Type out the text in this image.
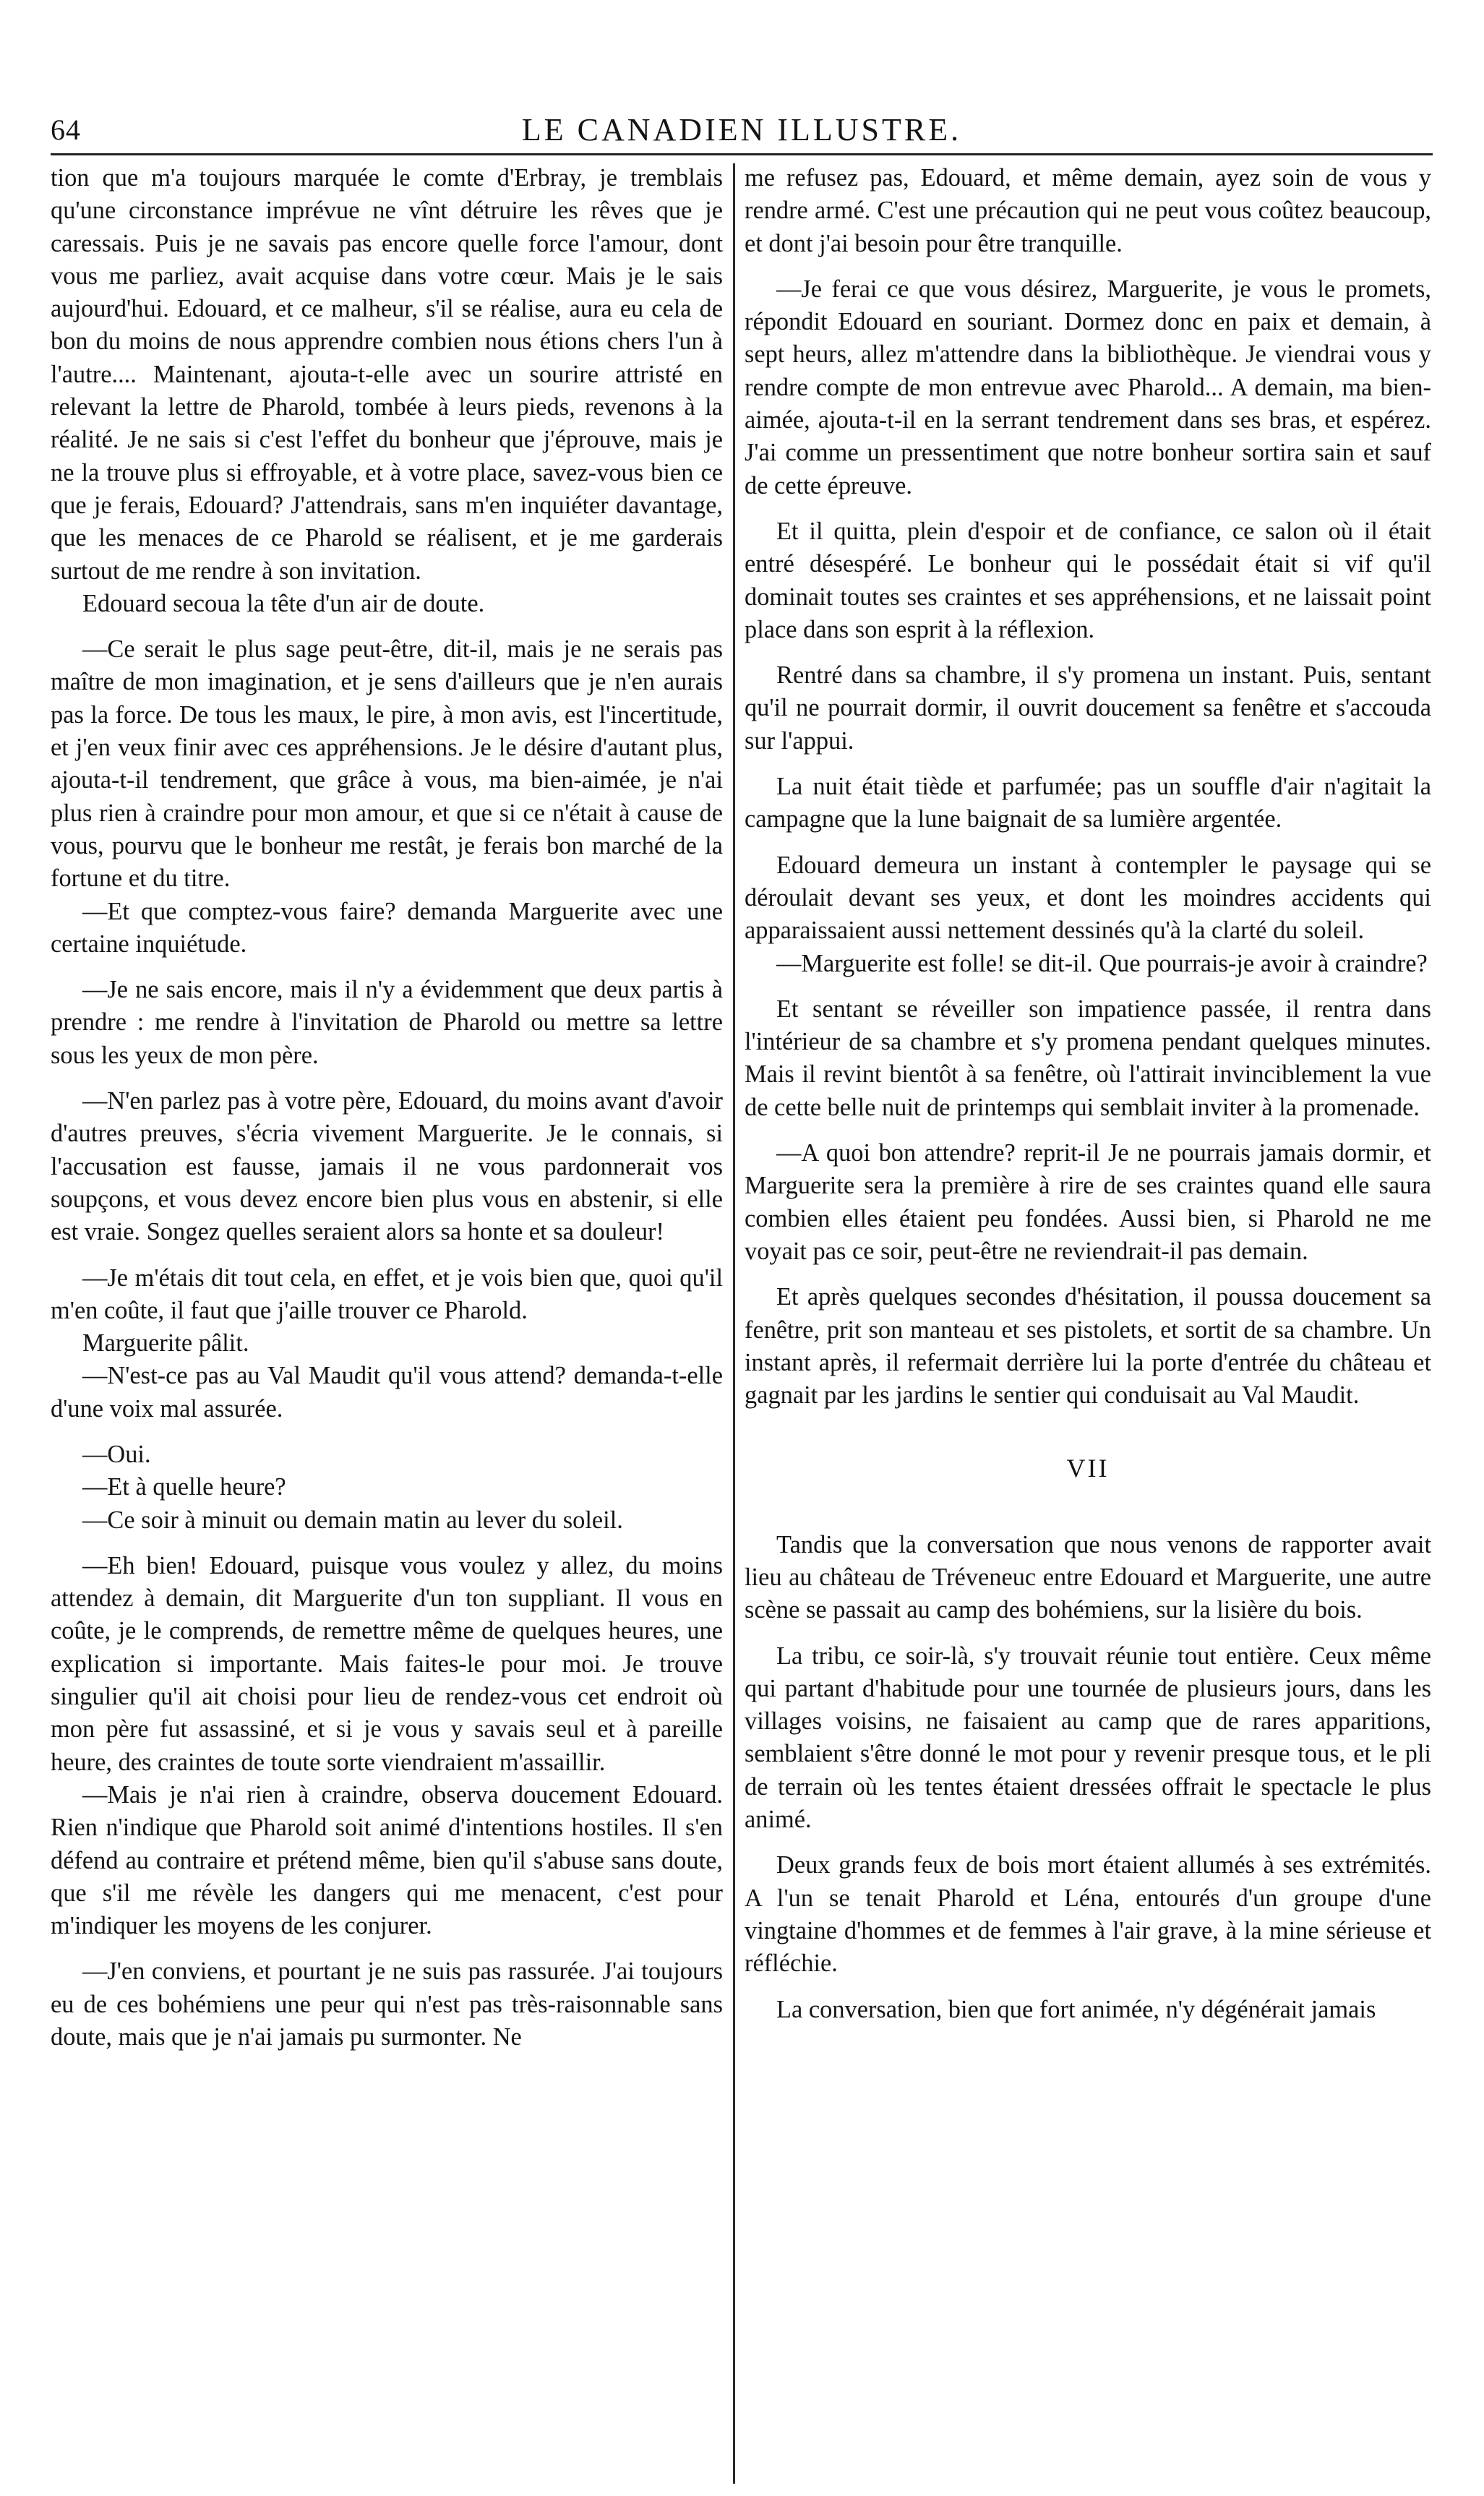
64	LE CANADIEN ILLUSTRE.

tion que m'a toujours marquée le comte d'Erbray, je tremblais qu'une circonstance imprévue ne vînt détruire les rêves que je caressais. Puis je ne savais pas encore quelle force l'amour, dont vous me parliez, avait acquise dans votre cœur. Mais je le sais aujourd'hui. Edouard, et ce malheur, s'il se réalise, aura eu cela de bon du moins de nous apprendre combien nous étions chers l'un à l'autre.... Maintenant, ajouta-t-elle avec un sourire attristé en relevant la lettre de Pharold, tombée à leurs pieds, revenons à la réalité. Je ne sais si c'est l'effet du bonheur que j'éprouve, mais je ne la trouve plus si effroyable, et à votre place, savez-vous bien ce que je ferais, Edouard? J'attendrais, sans m'en inquiéter davantage, que les menaces de ce Pharold se réalisent, et je me garderais surtout de me rendre à son invitation.

Edouard secoua la tête d'un air de doute.

—Ce serait le plus sage peut-être, dit-il, mais je ne serais pas maître de mon imagination, et je sens d'ailleurs que je n'en aurais pas la force. De tous les maux, le pire, à mon avis, est l'incertitude, et j'en veux finir avec ces appréhensions. Je le désire d'autant plus, ajouta-t-il tendrement, que grâce à vous, ma bien-aimée, je n'ai plus rien à craindre pour mon amour, et que si ce n'était à cause de vous, pourvu que le bonheur me restât, je ferais bon marché de la fortune et du titre.

—Et que comptez-vous faire? demanda Marguerite avec une certaine inquiétude.

—Je ne sais encore, mais il n'y a évidemment que deux partis à prendre : me rendre à l'invitation de Pharold ou mettre sa lettre sous les yeux de mon père.

—N'en parlez pas à votre père, Edouard, du moins avant d'avoir d'autres preuves, s'écria vivement Marguerite. Je le connais, si l'accusation est fausse, jamais il ne vous pardonnerait vos soupçons, et vous devez encore bien plus vous en abstenir, si elle est vraie. Songez quelles seraient alors sa honte et sa douleur!

—Je m'étais dit tout cela, en effet, et je vois bien que, quoi qu'il m'en coûte, il faut que j'aille trouver ce Pharold.

Marguerite pâlit.

—N'est-ce pas au Val Maudit qu'il vous attend? demanda-t-elle d'une voix mal assurée.

—Oui.

—Et à quelle heure?

—Ce soir à minuit ou demain matin au lever du soleil.

—Eh bien! Edouard, puisque vous voulez y allez, du moins attendez à demain, dit Marguerite d'un ton suppliant. Il vous en coûte, je le comprends, de remettre même de quelques heures, une explication si importante. Mais faites-le pour moi. Je trouve singulier qu'il ait choisi pour lieu de rendez-vous cet endroit où mon père fut assassiné, et si je vous y savais seul et à pareille heure, des craintes de toute sorte viendraient m'assaillir.

—Mais je n'ai rien à craindre, observa doucement Edouard. Rien n'indique que Pharold soit animé d'intentions hostiles. Il s'en défend au contraire et prétend même, bien qu'il s'abuse sans doute, que s'il me révèle les dangers qui me menacent, c'est pour m'indiquer les moyens de les conjurer.

—J'en conviens, et pourtant je ne suis pas rassurée. J'ai toujours eu de ces bohémiens une peur qui n'est pas très-raisonnable sans doute, mais que je n'ai jamais pu surmonter. Ne

me refusez pas, Edouard, et même demain, ayez soin de vous y rendre armé. C'est une précaution qui ne peut vous coûtez beaucoup, et dont j'ai besoin pour être tranquille.

—Je ferai ce que vous désirez, Marguerite, je vous le promets, répondit Edouard en souriant. Dormez donc en paix et demain, à sept heurs, allez m'attendre dans la bibliothèque. Je viendrai vous y rendre compte de mon entrevue avec Pharold... A demain, ma bien-aimée, ajouta-t-il en la serrant tendrement dans ses bras, et espérez. J'ai comme un pressentiment que notre bonheur sortira sain et sauf de cette épreuve.

Et il quitta, plein d'espoir et de confiance, ce salon où il était entré désespéré. Le bonheur qui le possédait était si vif qu'il dominait toutes ses craintes et ses appréhensions, et ne laissait point place dans son esprit à la réflexion.

Rentré dans sa chambre, il s'y promena un instant. Puis, sentant qu'il ne pourrait dormir, il ouvrit doucement sa fenêtre et s'accouda sur l'appui.

La nuit était tiède et parfumée; pas un souffle d'air n'agitait la campagne que la lune baignait de sa lumière argentée.

Edouard demeura un instant à contempler le paysage qui se déroulait devant ses yeux, et dont les moindres accidents qui apparaissaient aussi nettement dessinés qu'à la clarté du soleil.

—Marguerite est folle! se dit-il. Que pourrais-je avoir à craindre?

Et sentant se réveiller son impatience passée, il rentra dans l'intérieur de sa chambre et s'y promena pendant quelques minutes. Mais il revint bientôt à sa fenêtre, où l'attirait invinciblement la vue de cette belle nuit de printemps qui semblait inviter à la promenade.

—A quoi bon attendre? reprit-il Je ne pourrais jamais dormir, et Marguerite sera la première à rire de ses craintes quand elle saura combien elles étaient peu fondées. Aussi bien, si Pharold ne me voyait pas ce soir, peut-être ne reviendrait-il pas demain.

Et après quelques secondes d'hésitation, il poussa doucement sa fenêtre, prit son manteau et ses pistolets, et sortit de sa chambre. Un instant après, il refermait derrière lui la porte d'entrée du château et gagnait par les jardins le sentier qui conduisait au Val Maudit.

VII

Tandis que la conversation que nous venons de rapporter avait lieu au château de Tréveneuc entre Edouard et Marguerite, une autre scène se passait au camp des bohémiens, sur la lisière du bois.

La tribu, ce soir-là, s'y trouvait réunie tout entière. Ceux même qui partant d'habitude pour une tournée de plusieurs jours, dans les villages voisins, ne faisaient au camp que de rares apparitions, semblaient s'être donné le mot pour y revenir presque tous, et le pli de terrain où les tentes étaient dressées offrait le spectacle le plus animé.

Deux grands feux de bois mort étaient allumés à ses extrémités. A l'un se tenait Pharold et Léna, entourés d'un groupe d'une vingtaine d'hommes et de femmes à l'air grave, à la mine sérieuse et réfléchie.

La conversation, bien que fort animée, n'y dégénérait jamais
